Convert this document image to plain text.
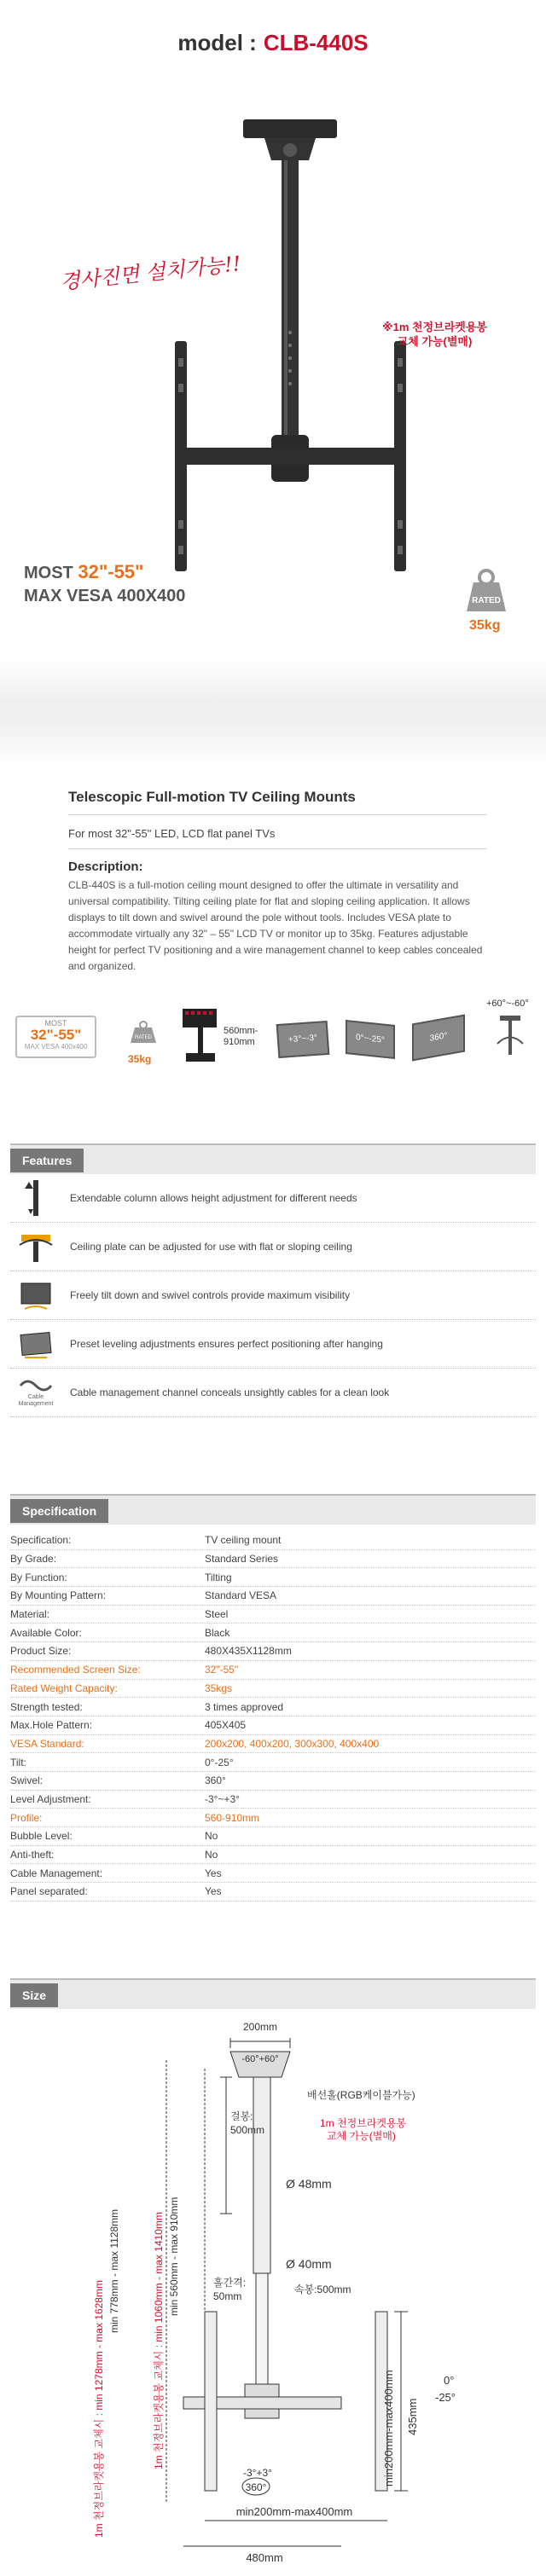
model : CLB-440S
경사진면 설치가능!!
※1m 천정브라켓용봉
교체 가능(별매)
MOST 32"-55"
MAX VESA 400X400	RATED
35kg
Telescopic Full-motion TV Ceiling Mounts
For most 32"-55" LED, LCD flat panel TVs
Description:
CLB-440S is a full-motion ceiling mount designed to offer the ultimate in versatility and universal compatibility. Tilting ceiling plate for flat and sloping ceiling application. It allows displays to tilt down and swivel around the pole without tools. Includes VESA plate to accommodate virtually any 32" – 55" LCD TV or monitor up to 35kg. Features adjustable height for perfect TV positioning and a wire management channel to keep cables concealed and organized.
MOST
32"-55"
MAX VESA 400x400
RATED
35kg
560mm-
910mm	+3°~-3°	0°~-25°	360°
+60°~-60°
Features
Extendable column allows height adjustment for different needs
Ceiling plate can be adjusted for use with flat or sloping ceiling
Freely tilt down and swivel controls provide maximum visibility
Preset leveling adjustments ensures perfect positioning after hanging
Cable
Management
Cable management channel conceals unsightly cables for a clean look
Specification
Specification:	TV ceiling mount
By Grade:	Standard Series
By Function:	Tilting
By Mounting Pattern:	Standard VESA
Material:	Steel
Available Color:	Black
Product Size:	480X435X1128mm
Recommended Screen Size:	32"-55"
Rated Weight Capacity:	35kgs
Strength tested:	3 times approved
Max.Hole Pattern:	405X405
VESA Standard:	200x200, 400x200, 300x300, 400x400
Tilt:	0°-25°
Swivel:	360°
Level Adjustment:	-3°~+3°
Profile:	560-910mm
Bubble Level:	No
Anti-theft:	No
Cable Management:	Yes
Panel separated:	Yes
Size
200mm
-60°+60°
배선홀(RGB케이블가능)
1m 천정브라켓용봉
교체 가능(별매)
걸봉:
500mm
Ø 48mm
Ø 40mm
속봉:500mm
홀간격:
50mm
1m 천정브라켓용봉 교체시 : min 1278mm - max 1628mm
min 778mm - max 1128mm	1m 천정브라켓용봉 교체시 : min 1060mm - max 1410mm min 560mm - max 910mm
435mm
min200mm-max400mm	0°
-25°
-3°+3°
360°
min200mm-max400mm
480mm
